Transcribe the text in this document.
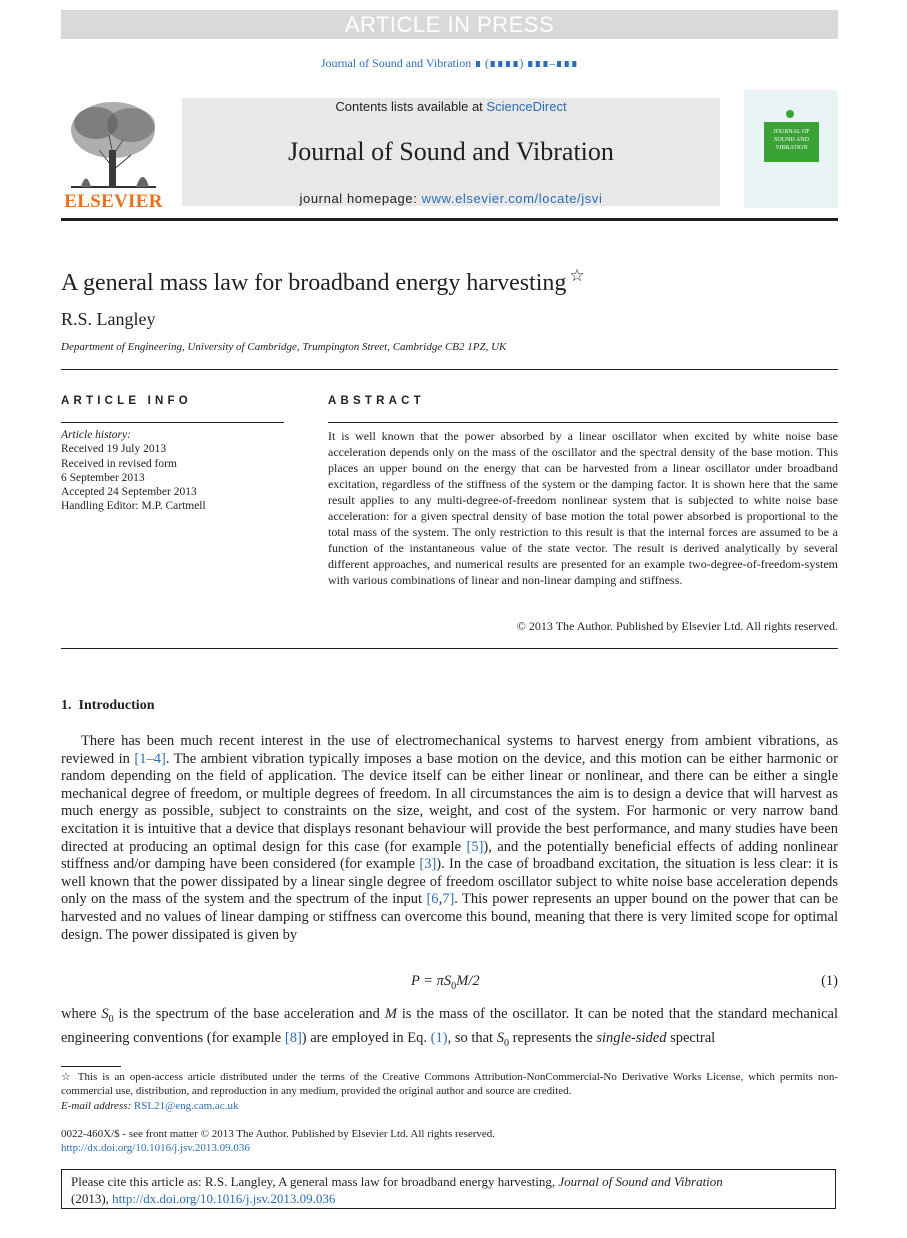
ARTICLE IN PRESS
Journal of Sound and Vibration ∎ (∎∎∎∎) ∎∎∎–∎∎∎
ELSEVIER
Contents lists available at ScienceDirect
Journal of Sound and Vibration
journal homepage: www.elsevier.com/locate/jsvi
JOURNAL OF SOUND AND VIBRATION
A general mass law for broadband energy harvesting ☆
R.S. Langley
Department of Engineering, University of Cambridge, Trumpington Street, Cambridge CB2 1PZ, UK
ARTICLE INFO	ABSTRACT
Article history:
Received 19 July 2013
Received in revised form
6 September 2013
Accepted 24 September 2013
Handling Editor: M.P. Cartmell
It is well known that the power absorbed by a linear oscillator when excited by white noise base acceleration depends only on the mass of the oscillator and the spectral density of the base motion. This places an upper bound on the energy that can be harvested from a linear oscillator under broadband excitation, regardless of the stiffness of the system or the damping factor. It is shown here that the same result applies to any multi-degree-of-freedom nonlinear system that is subjected to white noise base acceleration: for a given spectral density of base motion the total power absorbed is proportional to the total mass of the system. The only restriction to this result is that the internal forces are assumed to be a function of the instantaneous value of the state vector. The result is derived analytically by several different approaches, and numerical results are presented for an example two-degree-of-freedom-system with various combinations of linear and non-linear damping and stiffness.
© 2013 The Author. Published by Elsevier Ltd. All rights reserved.
1. Introduction

There has been much recent interest in the use of electromechanical systems to harvest energy from ambient vibrations, as reviewed in [1–4]. The ambient vibration typically imposes a base motion on the device, and this motion can be either harmonic or random depending on the field of application. The device itself can be either linear or nonlinear, and there can be either a single mechanical degree of freedom, or multiple degrees of freedom. In all circumstances the aim is to design a device that will harvest as much energy as possible, subject to constraints on the size, weight, and cost of the system. For harmonic or very narrow band excitation it is intuitive that a device that displays resonant behaviour will provide the best performance, and many studies have been directed at producing an optimal design for this case (for example [5]), and the potentially beneficial effects of adding nonlinear stiffness and/or damping have been considered (for example [3]). In the case of broadband excitation, the situation is less clear: it is well known that the power dissipated by a linear single degree of freedom oscillator subject to white noise base acceleration depends only on the mass of the system and the spectrum of the input [6,7]. This power represents an upper bound on the power that can be harvested and no values of linear damping or stiffness can overcome this bound, meaning that there is very limited scope for optimal design. The power dissipated is given by

$P = \pi S_0M/2$	(1)
where $S_0$ is the spectrum of the base acceleration and M is the mass of the oscillator. It can be noted that the standard mechanical engineering conventions (for example [8]) are employed in Eq. (1), so that $S_0$ represents the single-sided spectral
☆ This is an open-access article distributed under the terms of the Creative Commons Attribution-NonCommercial-No Derivative Works License, which permits non-commercial use, distribution, and reproduction in any medium, provided the original author and source are credited.
E-mail address: RSL21@eng.cam.ac.uk
0022-460X/$ - see front matter © 2013 The Author. Published by Elsevier Ltd. All rights reserved.
http://dx.doi.org/10.1016/j.jsv.2013.09.036
Please cite this article as: R.S. Langley, A general mass law for broadband energy harvesting, Journal of Sound and Vibration
(2013), http://dx.doi.org/10.1016/j.jsv.2013.09.036
